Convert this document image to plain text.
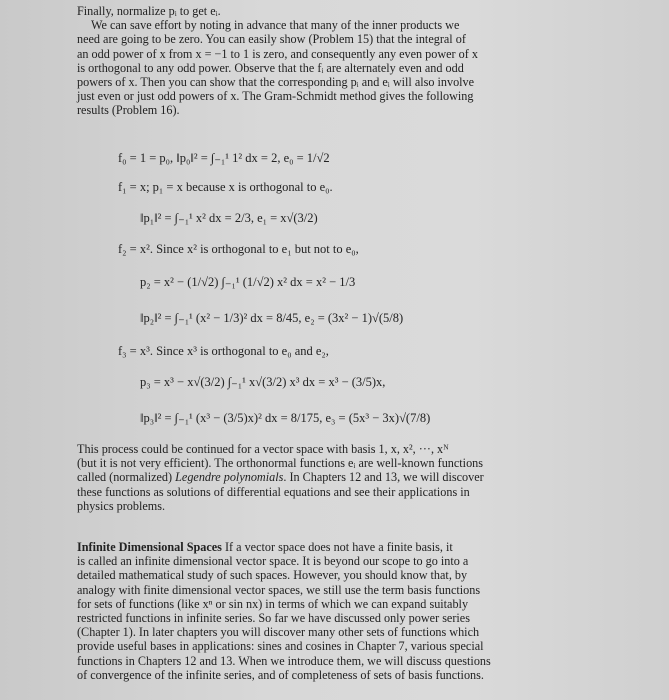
Finally, normalize pᵢ to get eᵢ.
We can save effort by noting in advance that many of the inner products we
need are going to be zero. You can easily show (Problem 15) that the integral of
an odd power of x from x = −1 to 1 is zero, and consequently any even power of x
is orthogonal to any odd power. Observe that the fᵢ are alternately even and odd
powers of x. Then you can show that the corresponding pᵢ and eᵢ will also involve
just even or just odd powers of x. The Gram-Schmidt method gives the following
results (Problem 16).
f₀ = 1 = p₀, ‖p₀‖² = ∫₋₁¹ 1² dx = 2, e₀ = 1/√2
f₁ = x; p₁ = x because x is orthogonal to e₀.
‖p₁‖² = ∫₋₁¹ x² dx = 2/3, e₁ = x√(3/2)
f₂ = x². Since x² is orthogonal to e₁ but not to e₀,
p₂ = x² − (1/√2) ∫₋₁¹ (1/√2) x² dx = x² − 1/3
‖p₂‖² = ∫₋₁¹ (x² − 1/3)² dx = 8/45, e₂ = (3x² − 1)√(5/8)
f₃ = x³. Since x³ is orthogonal to e₀ and e₂,
p₃ = x³ − x√(3/2) ∫₋₁¹ x√(3/2) x³ dx = x³ − (3/5)x,
‖p₃‖² = ∫₋₁¹ (x³ − (3/5)x)² dx = 8/175, e₃ = (5x³ − 3x)√(7/8)
This process could be continued for a vector space with basis 1, x, x², ···, xᴺ
(but it is not very efficient). The orthonormal functions eᵢ are well-known functions
called (normalized) Legendre polynomials. In Chapters 12 and 13, we will discover
these functions as solutions of differential equations and see their applications in
physics problems.
Infinite Dimensional Spaces If a vector space does not have a finite basis, it
is called an infinite dimensional vector space. It is beyond our scope to go into a
detailed mathematical study of such spaces. However, you should know that, by
analogy with finite dimensional vector spaces, we still use the term basis functions
for sets of functions (like xⁿ or sin nx) in terms of which we can expand suitably
restricted functions in infinite series. So far we have discussed only power series
(Chapter 1). In later chapters you will discover many other sets of functions which
provide useful bases in applications: sines and cosines in Chapter 7, various special
functions in Chapters 12 and 13. When we introduce them, we will discuss questions
of convergence of the infinite series, and of completeness of sets of basis functions.
